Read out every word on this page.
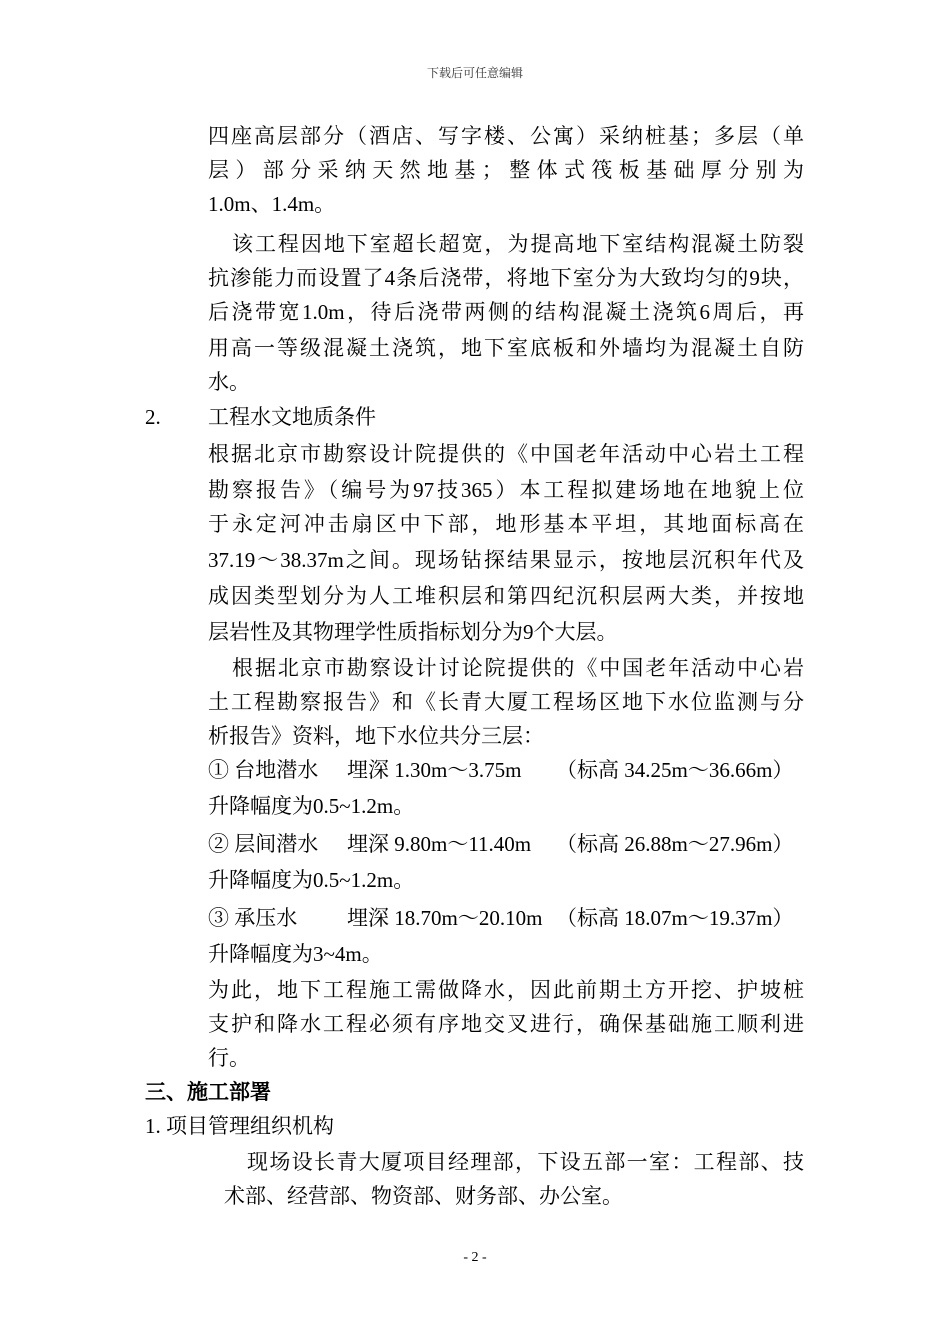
下载后可任意编辑
四座高层部分（酒店、写字楼、公寓）采纳桩基；多层（单
层）部分采纳天然地基；整体式筏板基础厚分别为
1.0m、1.4m。
该工程因地下室超长超宽，为提高地下室结构混凝土防裂
抗渗能力而设置了4条后浇带，将地下室分为大致均匀的9块，
后浇带宽1.0m，待后浇带两侧的结构混凝土浇筑6周后，再
用高一等级混凝土浇筑，地下室底板和外墙均为混凝土自防
水。
2. 工程水文地质条件
根据北京市勘察设计院提供的《中国老年活动中心岩土工程
勘察报告》（编号为97技365）本工程拟建场地在地貌上位
于永定河冲击扇区中下部，地形基本平坦，其地面标高在
37.19～38.37m之间。现场钻探结果显示，按地层沉积年代及
成因类型划分为人工堆积层和第四纪沉积层两大类，并按地
层岩性及其物理学性质指标划分为9个大层。
根据北京市勘察设计讨论院提供的《中国老年活动中心岩
土工程勘察报告》和《长青大厦工程场区地下水位监测与分
析报告》资料，地下水位共分三层：
① 台地潜水 埋深 1.30m～3.75m （标高 34.25m～36.66m）
升降幅度为0.5~1.2m。
② 层间潜水 埋深 9.80m～11.40m （标高 26.88m～27.96m）
升降幅度为0.5~1.2m。
③ 承压水 埋深 18.70m～20.10m （标高 18.07m～19.37m）
升降幅度为3~4m。
为此，地下工程施工需做降水，因此前期土方开挖、护坡桩
支护和降水工程必须有序地交叉进行，确保基础施工顺利进
行。
三、施工部署
1. 项目管理组织机构
现场设长青大厦项目经理部，下设五部一室：工程部、技
术部、经营部、物资部、财务部、办公室。
- 2 -
